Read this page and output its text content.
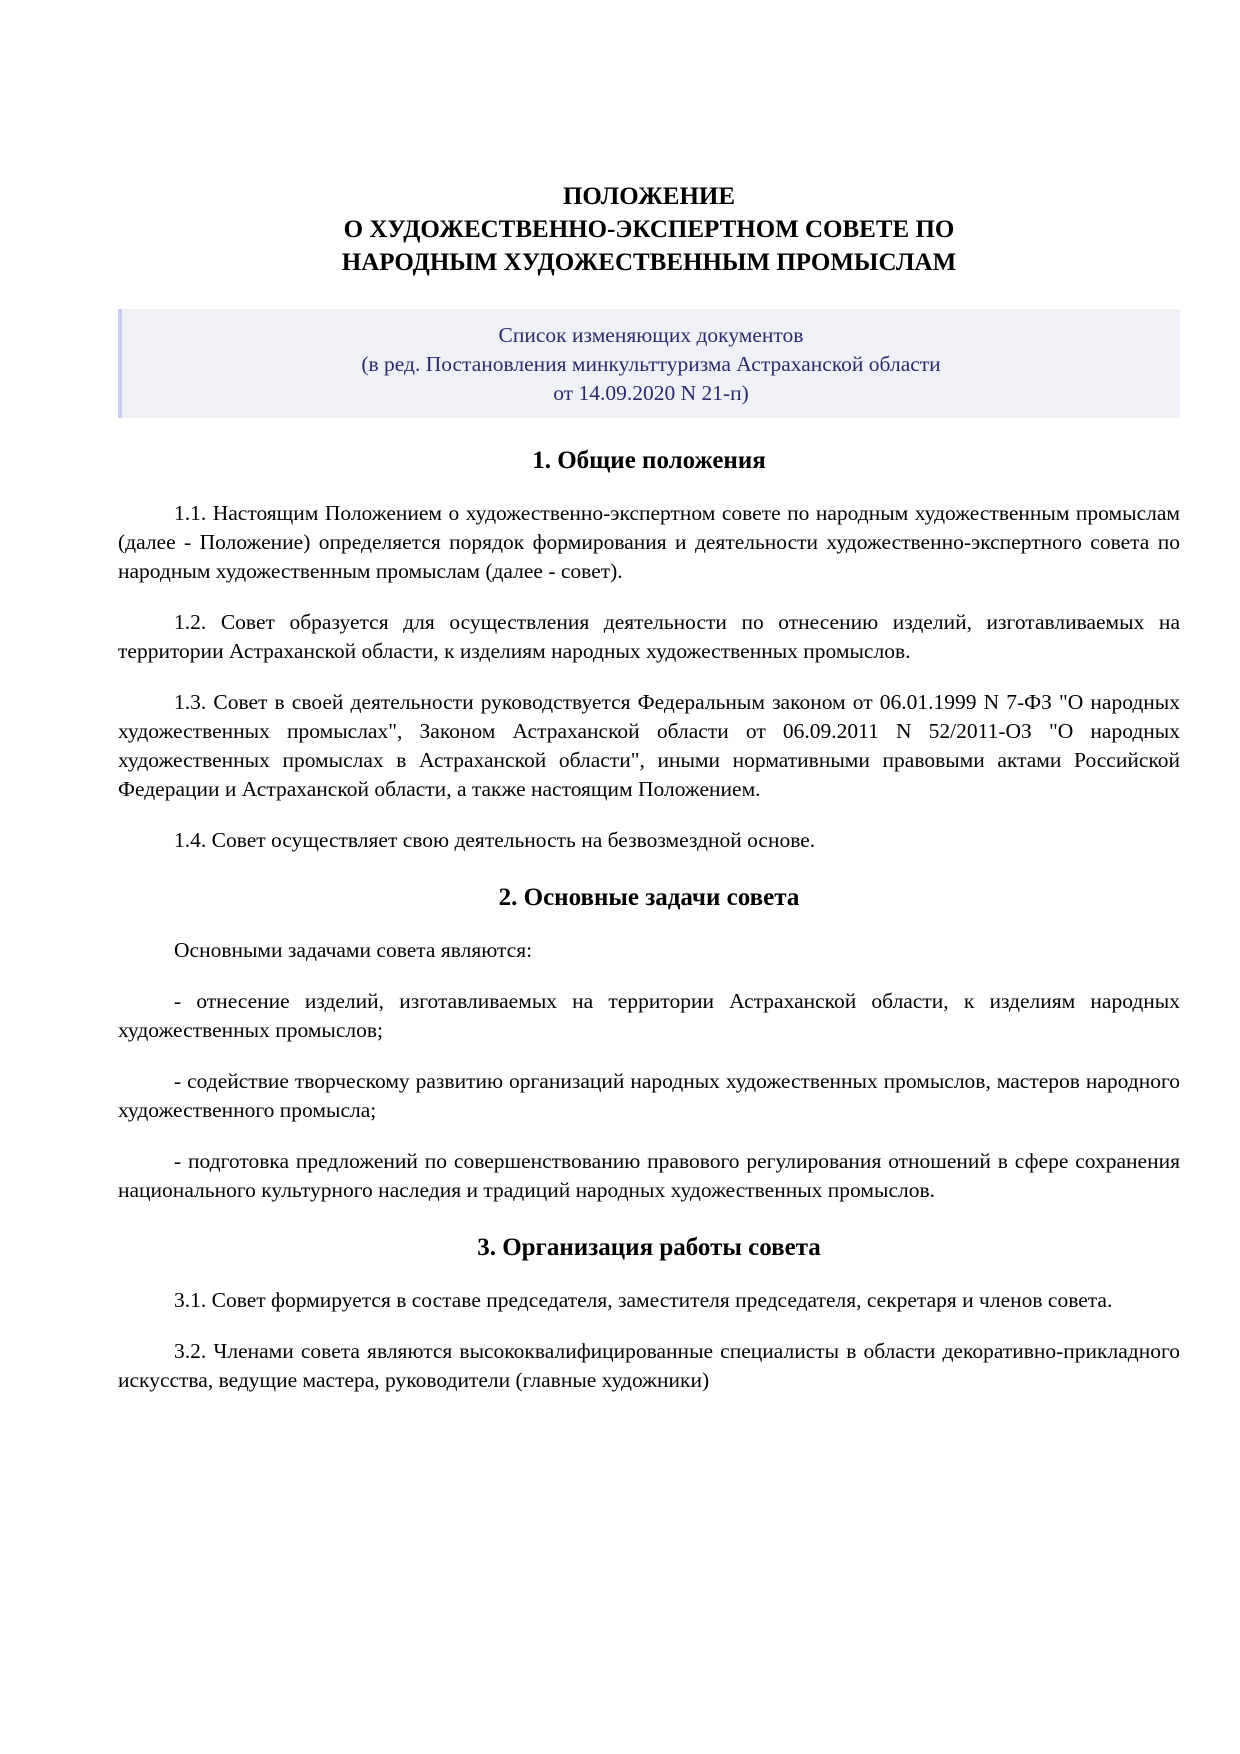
ПОЛОЖЕНИЕ
О ХУДОЖЕСТВЕННО-ЭКСПЕРТНОМ СОВЕТЕ ПО
НАРОДНЫМ ХУДОЖЕСТВЕННЫМ ПРОМЫСЛАМ
Список изменяющих документов
(в ред. Постановления минкульттуризма Астраханской области
от 14.09.2020 N 21-п)
1. Общие положения

1.1. Настоящим Положением о художественно-экспертном совете по народным художественным промыслам (далее - Положение) определяется порядок формирования и деятельности художественно-экспертного совета по народным художественным промыслам (далее - совет).

1.2. Совет образуется для осуществления деятельности по отнесению изделий, изготавливаемых на территории Астраханской области, к изделиям народных художественных промыслов.

1.3. Совет в своей деятельности руководствуется Федеральным законом от 06.01.1999 N 7-ФЗ "О народных художественных промыслах", Законом Астраханской области от 06.09.2011 N 52/2011-ОЗ "О народных художественных промыслах в Астраханской области", иными нормативными правовыми актами Российской Федерации и Астраханской области, а также настоящим Положением.

1.4. Совет осуществляет свою деятельность на безвозмездной основе.

2. Основные задачи совета

Основными задачами совета являются:

- отнесение изделий, изготавливаемых на территории Астраханской области, к изделиям народных художественных промыслов;

- содействие творческому развитию организаций народных художественных промыслов, мастеров народного художественного промысла;

- подготовка предложений по совершенствованию правового регулирования отношений в сфере сохранения национального культурного наследия и традиций народных художественных промыслов.

3. Организация работы совета

3.1. Совет формируется в составе председателя, заместителя председателя, секретаря и членов совета.

3.2. Членами совета являются высококвалифицированные специалисты в области декоративно-прикладного искусства, ведущие мастера, руководители (главные художники)
